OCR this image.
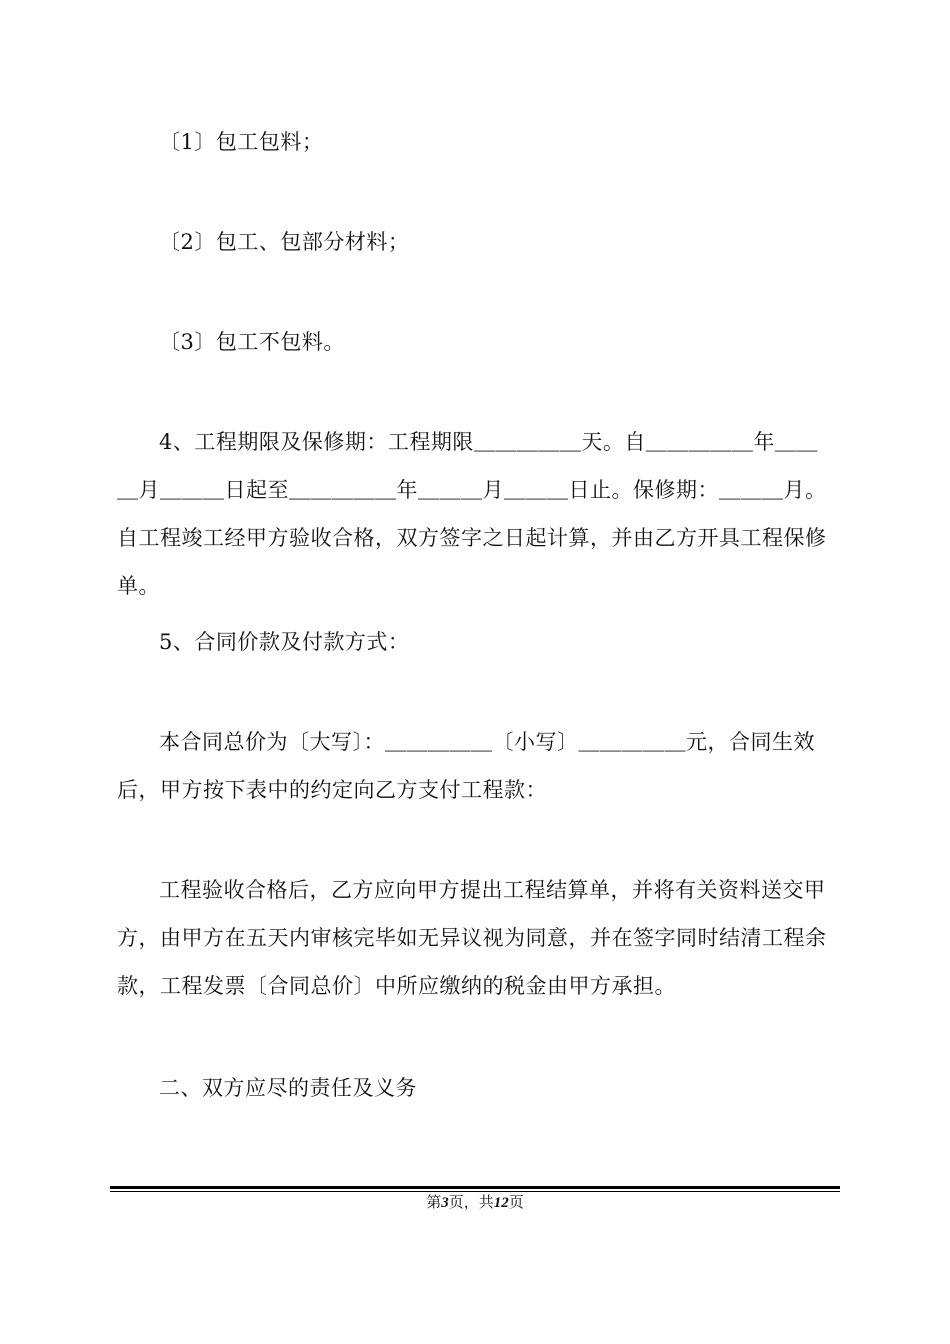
〔1〕包工包料；
〔2〕包工、包部分材料；
〔3〕包工不包料。
4、工程期限及保修期：工程期限＿＿＿＿＿天。自＿＿＿＿＿年＿＿＿月＿＿＿日起至＿＿＿＿＿年＿＿＿月＿＿＿日止。保修期：＿＿＿月。自工程竣工经甲方验收合格，双方签字之日起计算，并由乙方开具工程保修单。
5、合同价款及付款方式：
本合同总价为〔大写〕：＿＿＿＿＿〔小写〕＿＿＿＿＿元，合同生效后，甲方按下表中的约定向乙方支付工程款：
工程验收合格后，乙方应向甲方提出工程结算单，并将有关资料送交甲方，由甲方在五天内审核完毕如无异议视为同意，并在签字同时结清工程余款，工程发票〔合同总价〕中所应缴纳的税金由甲方承担。
二、双方应尽的责任及义务
第3页，共12页
